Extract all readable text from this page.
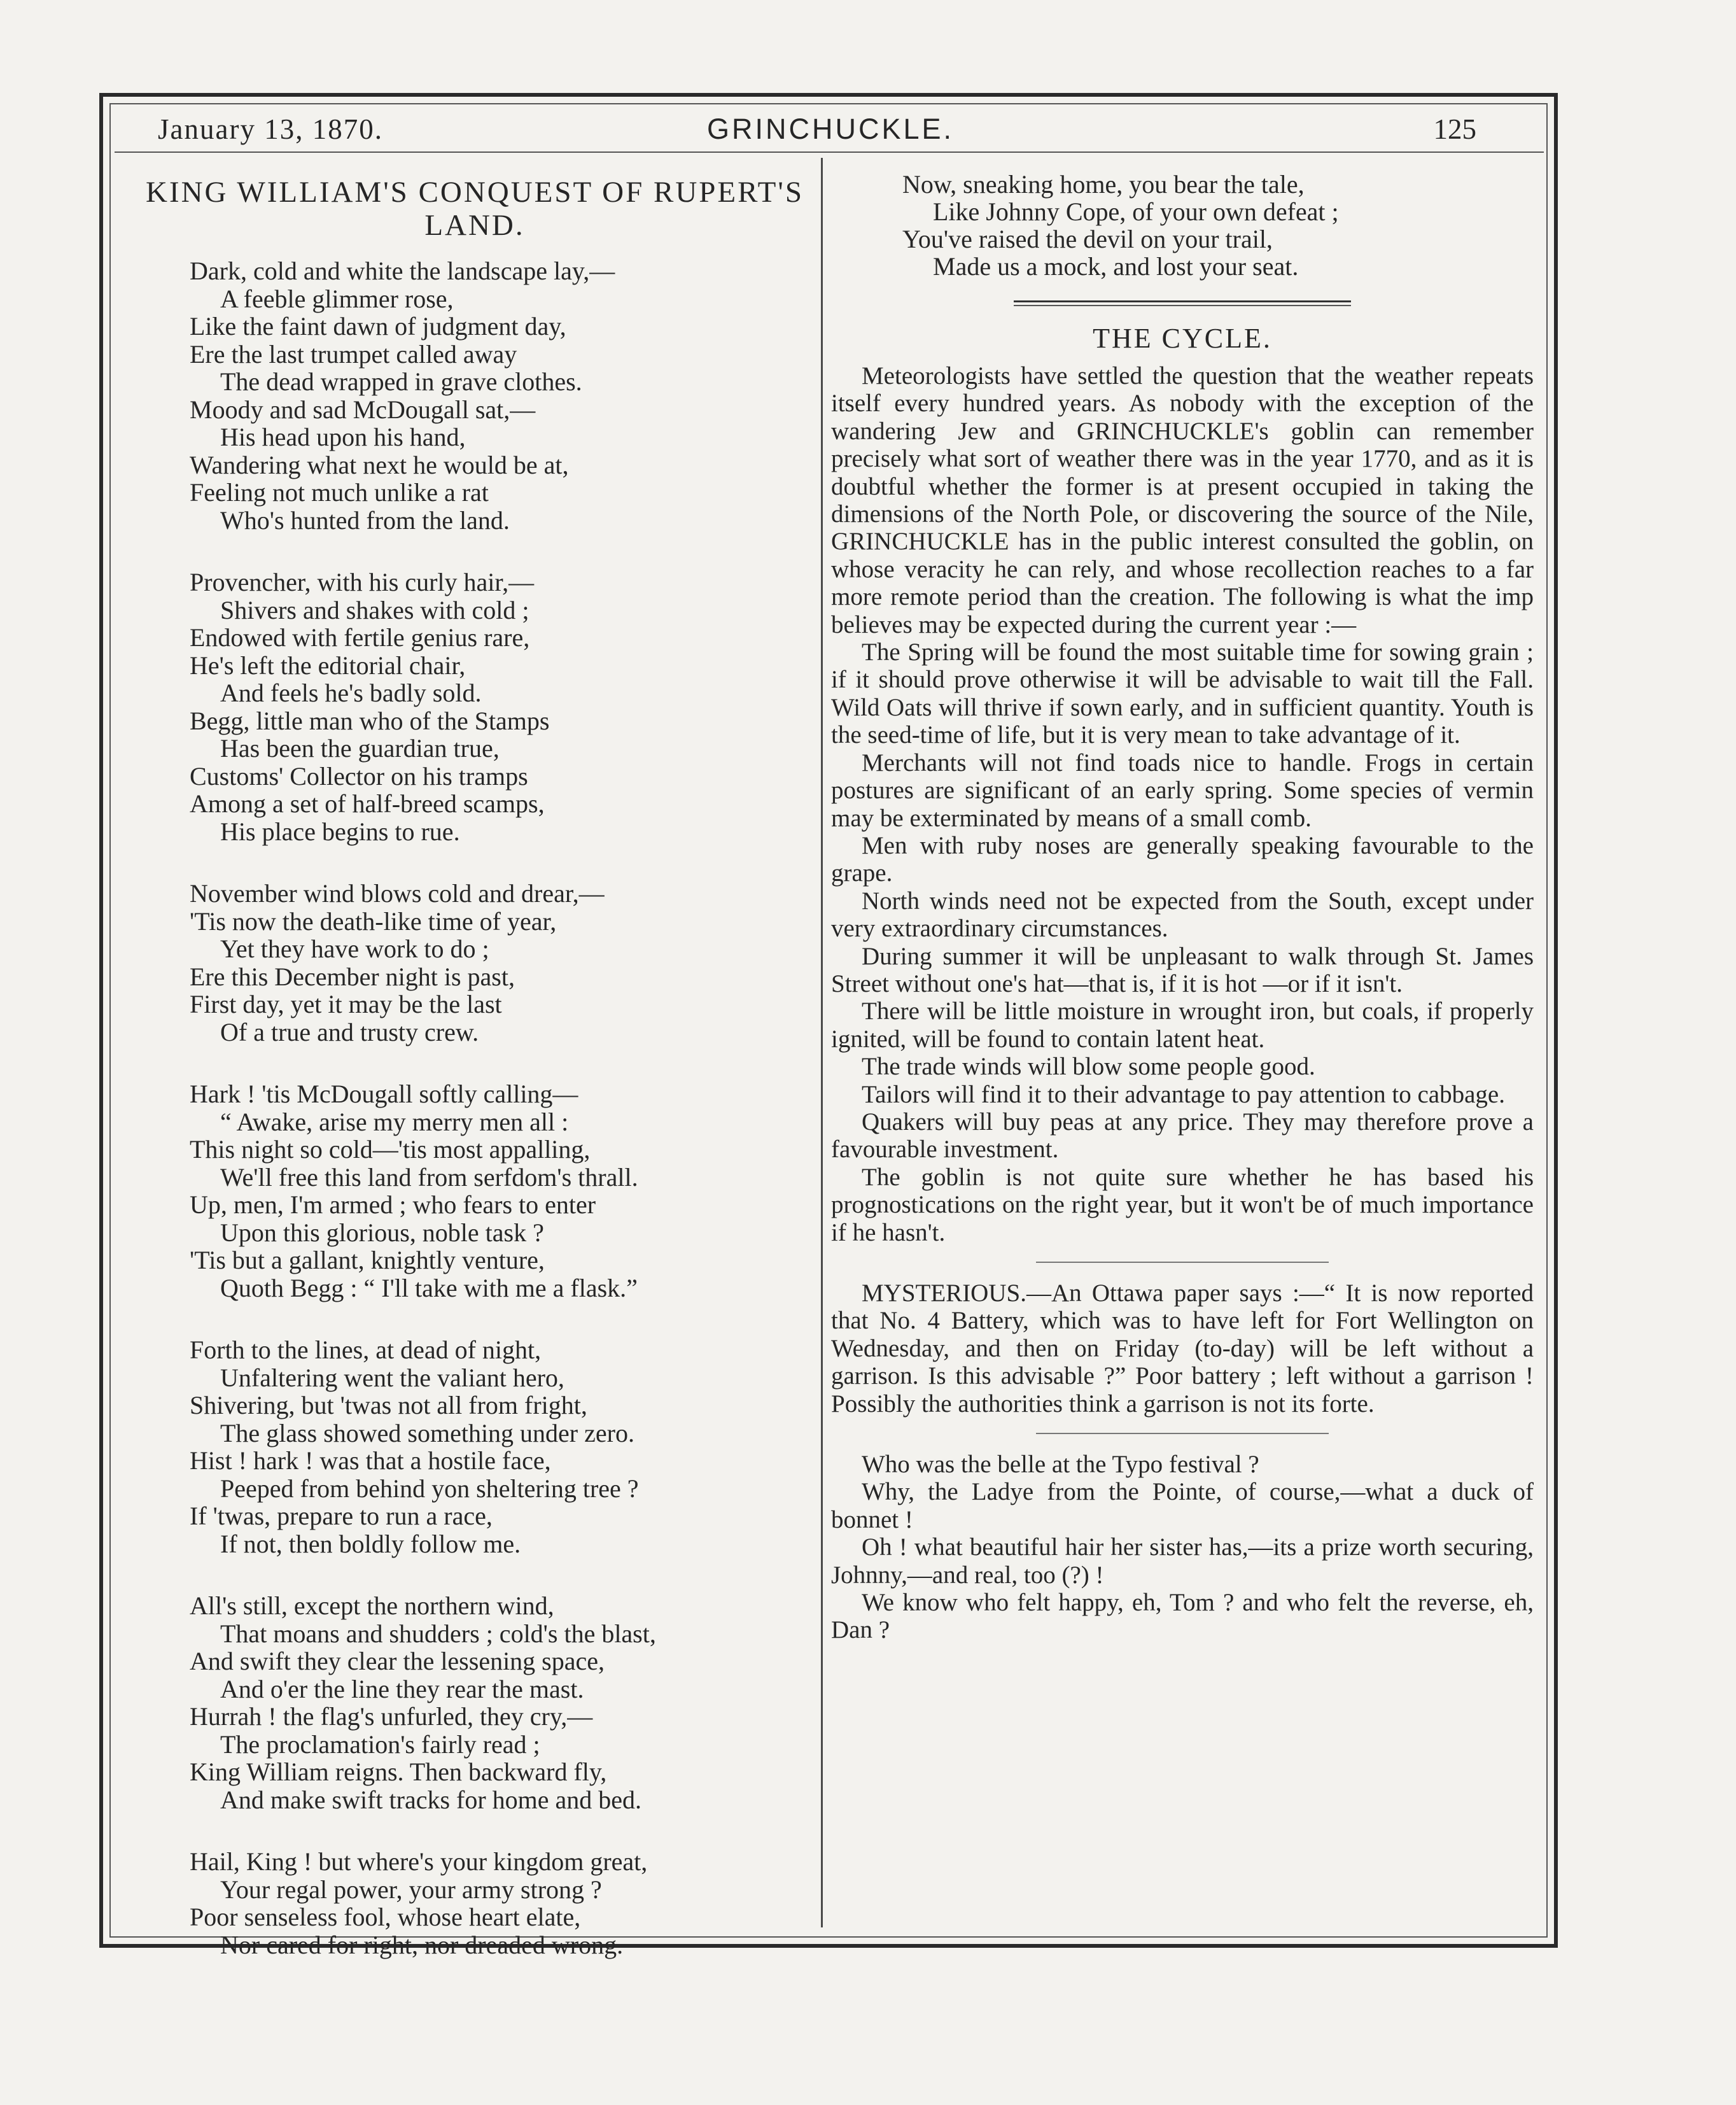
January 13, 1870.	GRINCHUCKLE.	125
KING WILLIAM'S CONQUEST OF RUPERT'S LAND.
Dark, cold and white the landscape lay,—
A feeble glimmer rose,
Like the faint dawn of judgment day,
Ere the last trumpet called away
The dead wrapped in grave clothes.
Moody and sad McDougall sat,—
His head upon his hand,
Wandering what next he would be at,
Feeling not much unlike a rat
Who's hunted from the land.
Provencher, with his curly hair,—
Shivers and shakes with cold ;
Endowed with fertile genius rare,
He's left the editorial chair,
And feels he's badly sold.
Begg, little man who of the Stamps
Has been the guardian true,
Customs' Collector on his tramps
Among a set of half-breed scamps,
His place begins to rue.
November wind blows cold and drear,—
'Tis now the death-like time of year,
Yet they have work to do ;
Ere this December night is past,
First day, yet it may be the last
Of a true and trusty crew.
Hark ! 'tis McDougall softly calling—
“ Awake, arise my merry men all :
This night so cold—'tis most appalling,
We'll free this land from serfdom's thrall.
Up, men, I'm armed ; who fears to enter
Upon this glorious, noble task ?
'Tis but a gallant, knightly venture,
Quoth Begg : “ I'll take with me a flask.”
Forth to the lines, at dead of night,
Unfaltering went the valiant hero,
Shivering, but 'twas not all from fright,
The glass showed something under zero.
Hist ! hark ! was that a hostile face,
Peeped from behind yon sheltering tree ?
If 'twas, prepare to run a race,
If not, then boldly follow me.
All's still, except the northern wind,
That moans and shudders ; cold's the blast,
And swift they clear the lessening space,
And o'er the line they rear the mast.
Hurrah ! the flag's unfurled, they cry,—
The proclamation's fairly read ;
King William reigns. Then backward fly,
And make swift tracks for home and bed.
Hail, King ! but where's your kingdom great,
Your regal power, your army strong ?
Poor senseless fool, whose heart elate,
Nor cared for right, nor dreaded wrong.
Now, sneaking home, you bear the tale,
Like Johnny Cope, of your own defeat ;
You've raised the devil on your trail,
Made us a mock, and lost your seat.
THE CYCLE.

Meteorologists have settled the question that the weather repeats itself every hundred years. As nobody with the exception of the wandering Jew and GRINCHUCKLE's goblin can remember precisely what sort of weather there was in the year 1770, and as it is doubtful whether the former is at present occupied in taking the dimensions of the North Pole, or discovering the source of the Nile, GRINCHUCKLE has in the public interest consulted the goblin, on whose veracity he can rely, and whose recollection reaches to a far more remote period than the creation. The following is what the imp believes may be expected during the current year :—

The Spring will be found the most suitable time for sowing grain ; if it should prove otherwise it will be advisable to wait till the Fall. Wild Oats will thrive if sown early, and in sufficient quantity. Youth is the seed-time of life, but it is very mean to take advantage of it.

Merchants will not find toads nice to handle. Frogs in certain postures are significant of an early spring. Some species of vermin may be exterminated by means of a small comb.

Men with ruby noses are generally speaking favourable to the grape.

North winds need not be expected from the South, except under very extraordinary circumstances.

During summer it will be unpleasant to walk through St. James Street without one's hat—that is, if it is hot —or if it isn't.

There will be little moisture in wrought iron, but coals, if properly ignited, will be found to contain latent heat.

The trade winds will blow some people good.

Tailors will find it to their advantage to pay attention to cabbage.

Quakers will buy peas at any price. They may therefore prove a favourable investment.

The goblin is not quite sure whether he has based his prognostications on the right year, but it won't be of much importance if he hasn't.

MYSTERIOUS.—An Ottawa paper says :—“ It is now reported that No. 4 Battery, which was to have left for Fort Wellington on Wednesday, and then on Friday (to-day) will be left without a garrison. Is this advisable ?” Poor battery ; left without a garrison ! Possibly the authorities think a garrison is not its forte.

Who was the belle at the Typo festival ?

Why, the Ladye from the Pointe, of course,—what a duck of bonnet !

Oh ! what beautiful hair her sister has,—its a prize worth securing, Johnny,—and real, too (?) !

We know who felt happy, eh, Tom ? and who felt the reverse, eh, Dan ?
